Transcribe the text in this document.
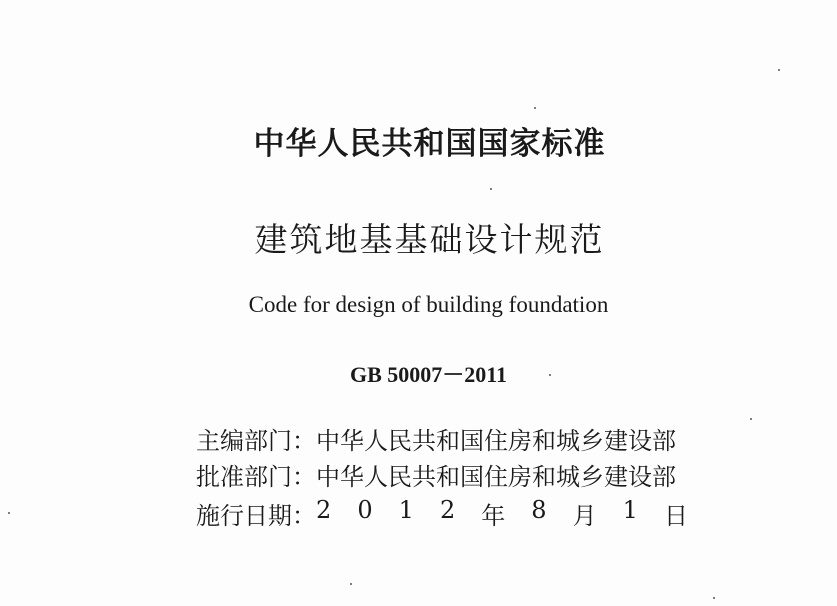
中华人民共和国国家标准
建筑地基基础设计规范
Code for design of building foundation
GB 50007－2011
主编部门： 中华人民共和国住房和城乡建设部
批准部门： 中华人民共和国住房和城乡建设部
施行日期： 2 0 1 2 年 8 月 1 日
